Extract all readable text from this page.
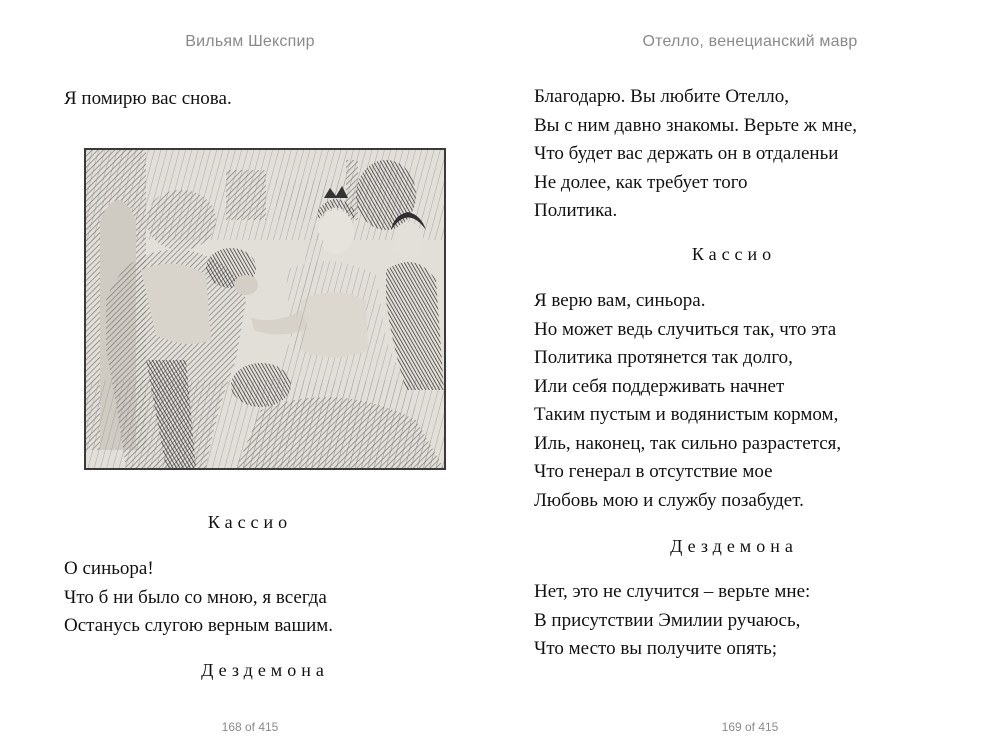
Вильям Шекспир
Я помирю вас снова.
Кассио
О синьора!
Что б ни было со мною, я всегда
Останусь слугою верным вашим.
Дездемона
168 of 415
Отелло, венецианский мавр
Благодарю. Вы любите Отелло,
Вы с ним давно знакомы. Верьте ж мне,
Что будет вас держать он в отдаленьи
Не долее, как требует того
Политика.
Кассио
Я верю вам, синьора.
Но может ведь случиться так, что эта
Политика протянется так долго,
Или себя поддерживать начнет
Таким пустым и водянистым кормом,
Иль, наконец, так сильно разрастется,
Что генерал в отсутствие мое
Любовь мою и службу позабудет.
Дездемона
Нет, это не случится – верьте мне:
В присутствии Эмилии ручаюсь,
Что место вы получите опять;
169 of 415
